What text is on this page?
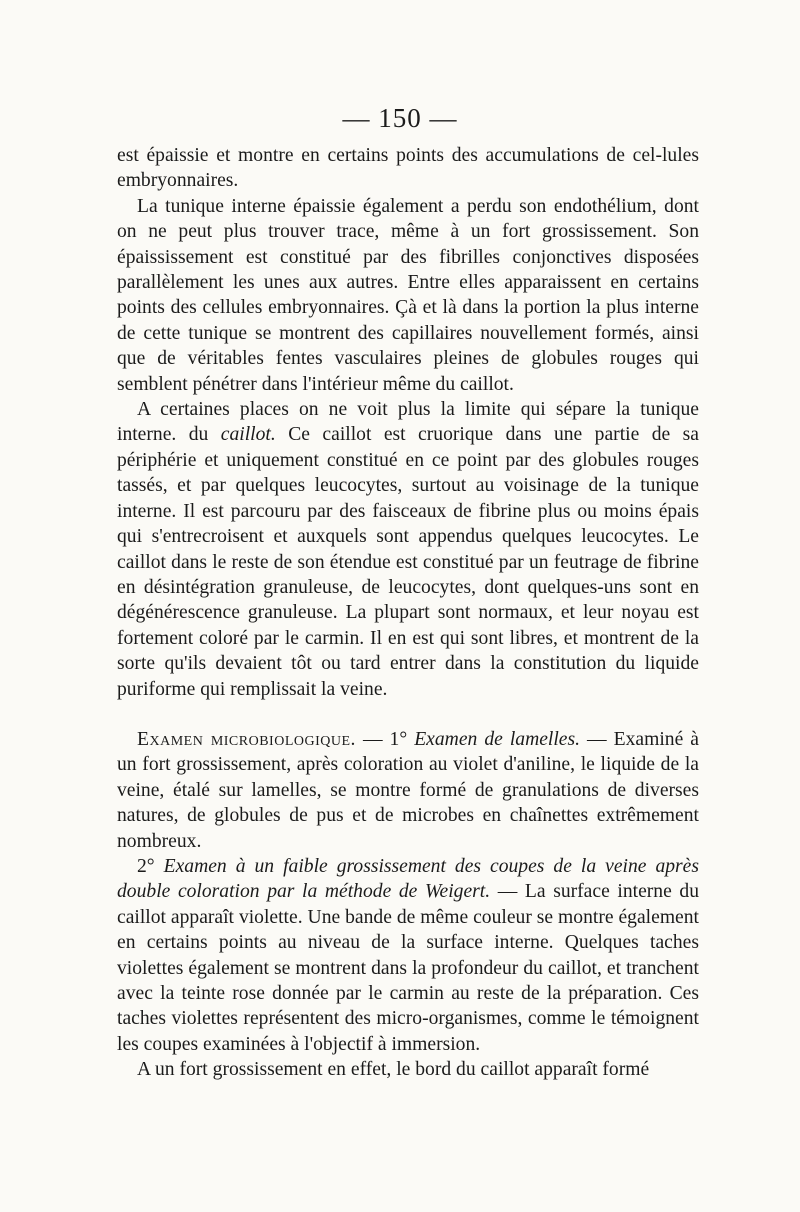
— 150 —

est épaissie et montre en certains points des accumulations de cel-lules embryonnaires.

La tunique interne épaissie également a perdu son endothélium, dont on ne peut plus trouver trace, même à un fort grossissement. Son épaississement est constitué par des fibrilles conjonctives disposées parallèlement les unes aux autres. Entre elles apparaissent en certains points des cellules embryonnaires. Çà et là dans la portion la plus interne de cette tunique se montrent des capillaires nouvellement formés, ainsi que de véritables fentes vasculaires pleines de globules rouges qui semblent pénétrer dans l'intérieur même du caillot.

A certaines places on ne voit plus la limite qui sépare la tunique interne. du caillot. Ce caillot est cruorique dans une partie de sa périphérie et uniquement constitué en ce point par des globules rouges tassés, et par quelques leucocytes, surtout au voisinage de la tunique interne. Il est parcouru par des faisceaux de fibrine plus ou moins épais qui s'entrecroisent et auxquels sont appendus quelques leucocytes. Le caillot dans le reste de son étendue est constitué par un feutrage de fibrine en désintégration granuleuse, de leucocytes, dont quelques-uns sont en dégénérescence granuleuse. La plupart sont normaux, et leur noyau est fortement coloré par le carmin. Il en est qui sont libres, et montrent de la sorte qu'ils devaient tôt ou tard entrer dans la constitution du liquide puriforme qui remplissait la veine.

Examen microbiologique. — 1° Examen de lamelles. — Examiné à un fort grossissement, après coloration au violet d'aniline, le liquide de la veine, étalé sur lamelles, se montre formé de granulations de diverses natures, de globules de pus et de microbes en chaînettes extrêmement nombreux.

2° Examen à un faible grossissement des coupes de la veine après double coloration par la méthode de Weigert. — La surface interne du caillot apparaît violette. Une bande de même couleur se montre également en certains points au niveau de la surface interne. Quelques taches violettes également se montrent dans la profondeur du caillot, et tranchent avec la teinte rose donnée par le carmin au reste de la préparation. Ces taches violettes représentent des micro-organismes, comme le témoignent les coupes examinées à l'objectif à immersion.

A un fort grossissement en effet, le bord du caillot apparaît formé
